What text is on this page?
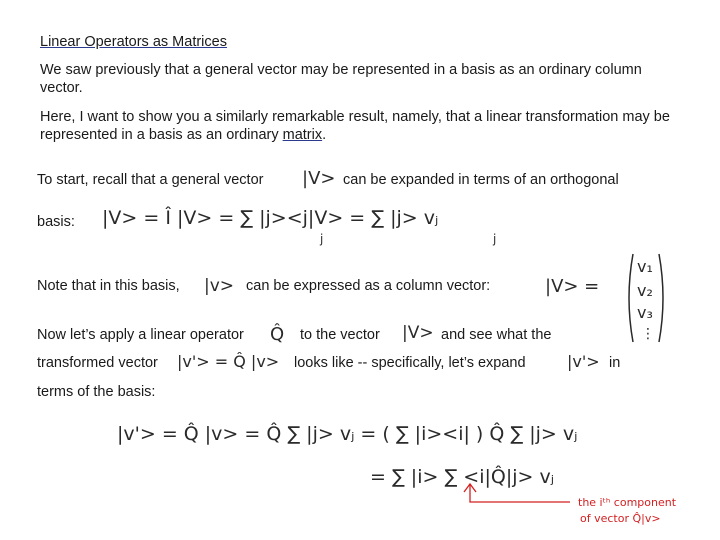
Linear Operators as Matrices
We saw previously that a general vector may be represented in a basis as an ordinary column vector.
Here, I want to show you a similarly remarkable result, namely, that a linear transformation may be represented in a basis as an ordinary matrix.
To start, recall that a general vector	can be expanded in terms of an orthogonal
basis:
Note that in this basis,	can be expressed as a column vector:
Now let’s apply a linear operator	to the vector	and see what the
transformed vector	looks like -- specifically, let’s expand	in
terms of the basis:
|V>
|V> = Î |V> = ∑ |j><j|V> = ∑ |j> vⱼ
j	j
|v>	|V> =
v₁
v₂
v₃
⋮
Q̂	|V>
|v'> = Q̂ |v>	|v'>
|v'> = Q̂ |v> = Q̂ ∑ |j> vⱼ = ( ∑ |i><i| ) Q̂ ∑ |j> vⱼ
= ∑ |i> ∑ <i|Q̂|j> vⱼ
the iᵗʰ component
of vector Q̂|v>
